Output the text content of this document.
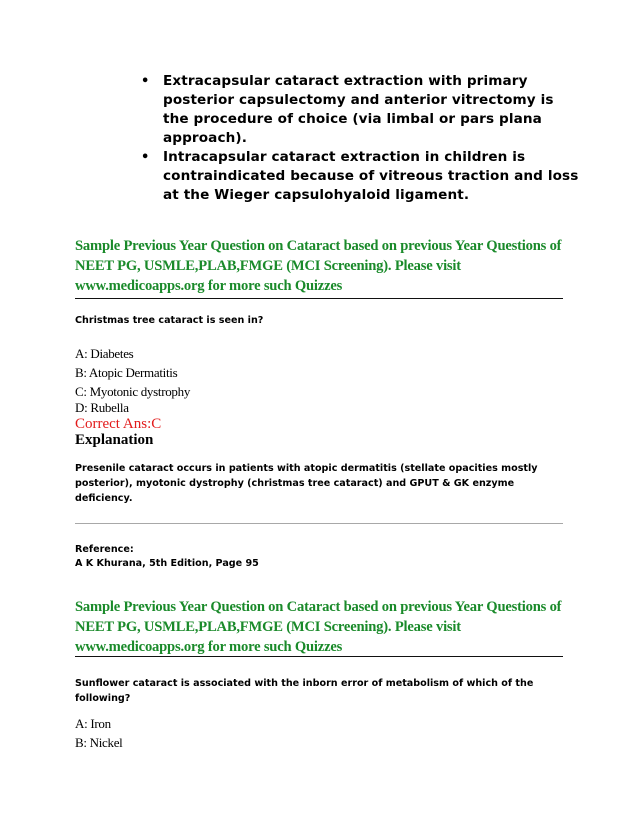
• Extracapsular cataract extraction with primary posterior capsulectomy and anterior vitrectomy is the procedure of choice (via limbal or pars plana approach).
• Intracapsular cataract extraction in children is contraindicated because of vitreous traction and loss at the Wieger capsulohyaloid ligament.
Sample Previous Year Question on Cataract based on previous Year Questions of NEET PG, USMLE,PLAB,FMGE (MCI Screening). Please visit www.medicoapps.org for more such Quizzes
Christmas tree cataract is seen in?
A: Diabetes
B: Atopic Dermatitis
C: Myotonic dystrophy
D: Rubella
Correct Ans:C
Explanation
Presenile cataract occurs in patients with atopic dermatitis (stellate opacities mostly posterior), myotonic dystrophy (christmas tree cataract) and GPUT & GK enzyme deficiency.
Reference:
A K Khurana, 5th Edition, Page 95
Sample Previous Year Question on Cataract based on previous Year Questions of NEET PG, USMLE,PLAB,FMGE (MCI Screening). Please visit www.medicoapps.org for more such Quizzes
Sunflower cataract is associated with the inborn error of metabolism of which of the following?
A: Iron
B: Nickel
